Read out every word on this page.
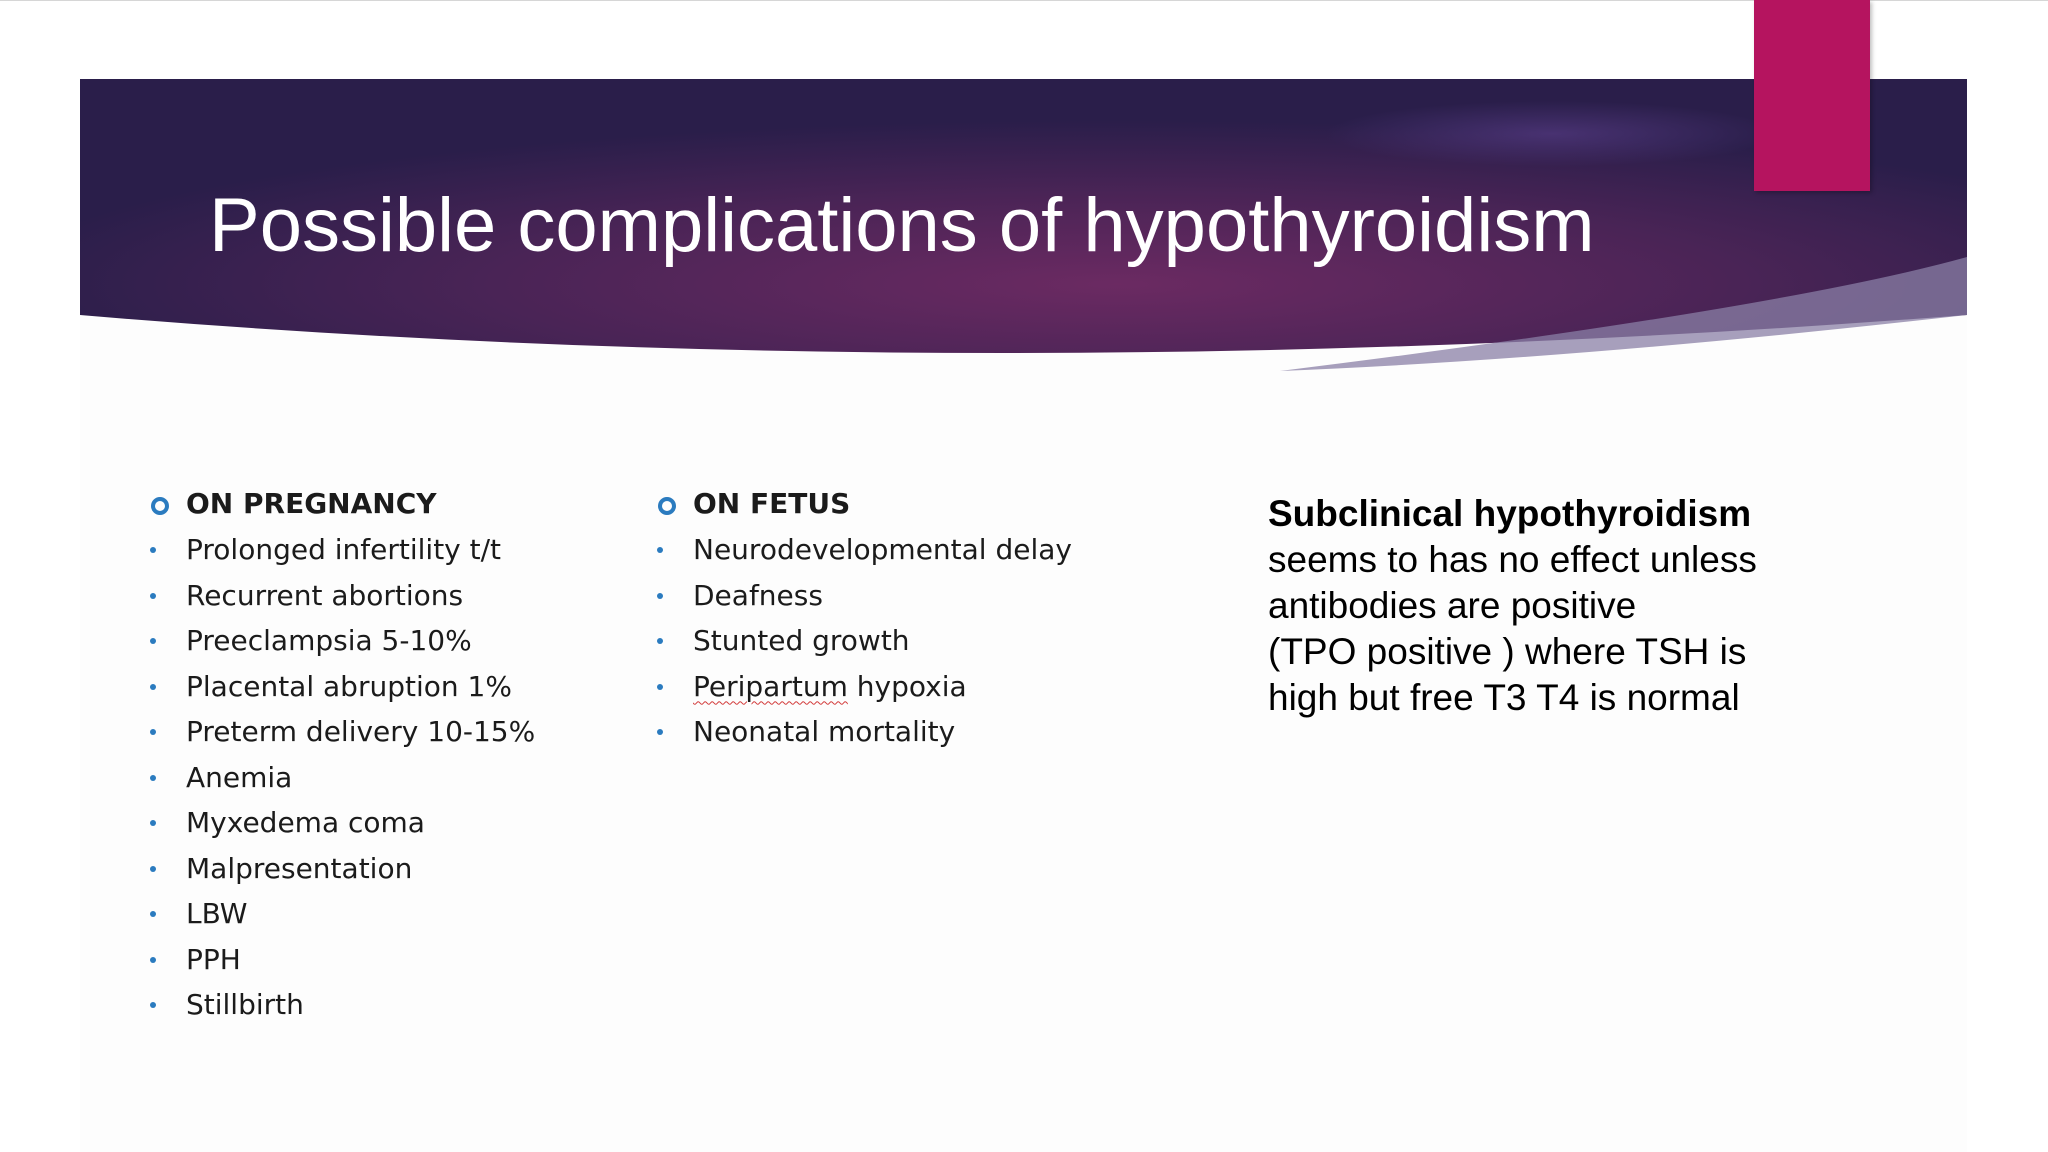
Possible complications of hypothyroidism
ON PREGNANCY
Prolonged infertility t/t
Recurrent abortions
Preeclampsia 5-10%
Placental abruption 1%
Preterm delivery 10-15%
Anemia
Myxedema coma
Malpresentation
LBW
PPH
Stillbirth
ON FETUS
Neurodevelopmental delay
Deafness
Stunted growth
Peripartum hypoxia
Neonatal mortality
Subclinical hypothyroidism
seems to has no effect unless
antibodies are positive
(TPO positive ) where TSH is
high but free T3 T4 is normal
